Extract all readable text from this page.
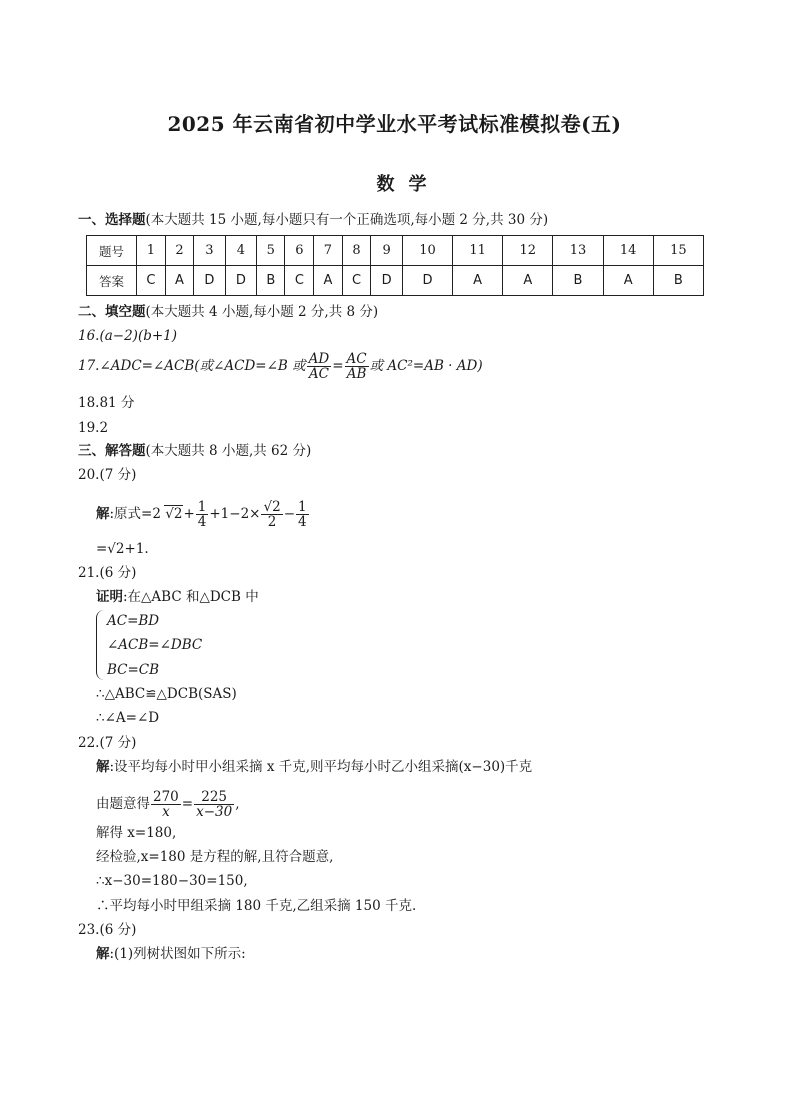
2025 年云南省初中学业水平考试标准模拟卷(五)
数学
一、选择题(本大题共 15 小题,每小题只有一个正确选项,每小题 2 分,共 30 分)
题号	1	2	3	4	5	6	7	8	9	10	11	12	13	14	15
答案	C	A	D	D	B	C	A	C	D	D	A	A	B	A	B
二、填空题(本大题共 4 小题,每小题 2 分,共 8 分)
16.(a−2)(b+1)
17.∠ADC=∠ACB(或∠ACD=∠B 或 $\frac{AD}{AC} = \frac{AC}{AB}$ 或 AC²=AB · AD)
18.81 分
19.2
三、解答题(本大题共 8 小题,共 62 分)
20.(7 分)
解:原式=2 $√2+ \frac{1}{4} +1-2\times \frac{√2}{2} - \frac{1}{4}$
=√2+1.
21.(6 分)
证明:在△ABC 和△DCB 中
AC=BD
∠ACB=∠DBC
BC=CB
∴△ABC≌△DCB(SAS)
∴∠A=∠D
22.(7 分)
解:设平均每小时甲小组采摘 x 千克,则平均每小时乙小组采摘(x−30)千克
由题意得 $\frac{270}{x} = \frac{225}{x-30}$ ,
解得 x=180,
经检验,x=180 是方程的解,且符合题意,
∴x−30=180−30=150,
∴平均每小时甲组采摘 180 千克,乙组采摘 150 千克.
23.(6 分)
解:(1)列树状图如下所示:
